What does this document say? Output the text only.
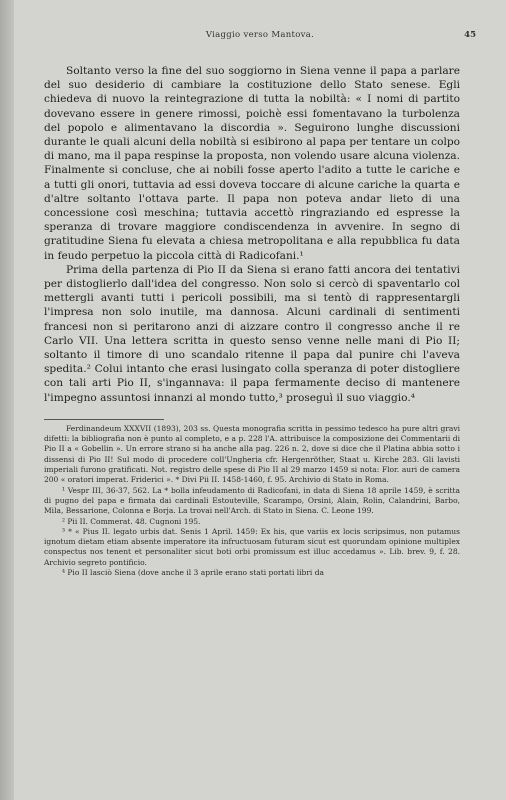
Viaggio verso Mantova.	45

Soltanto verso la fine del suo soggiorno in Siena venne il papa a parlare del suo desiderio di cambiare la costituzione dello Stato senese. Egli chiedeva di nuovo la reintegrazione di tutta la nobiltà: « I nomi di partito dovevano essere in genere rimossi, poichè essi fomentavano la turbolenza del popolo e alimentavano la discordia ». Seguirono lunghe discussioni durante le quali alcuni della nobiltà si esibirono al papa per tentare un colpo di mano, ma il papa respinse la proposta, non volendo usare alcuna violenza. Finalmente si concluse, che ai nobili fosse aperto l'adito a tutte le cariche e a tutti gli onori, tuttavia ad essi doveva toccare di alcune cariche la quarta e d'altre soltanto l'ottava parte. Il papa non poteva andar lieto di una concessione così meschina; tuttavia accettò ringraziando ed espresse la speranza di trovare maggiore condiscendenza in avvenire. In segno di gratitudine Siena fu elevata a chiesa metropolitana e alla repubblica fu data in feudo perpetuo la piccola città di Radicofani.¹

Prima della partenza di Pio II da Siena si erano fatti ancora dei tentativi per distoglierlo dall'idea del congresso. Non solo si cercò di spaventarlo col mettergli avanti tutti i pericoli possibili, ma si tentò di rappresentargli l'impresa non solo inutile, ma dannosa. Alcuni cardinali di sentimenti francesi non si peritarono anzi di aizzare contro il congresso anche il re Carlo VII. Una lettera scritta in questo senso venne nelle mani di Pio II; soltanto il timore di uno scandalo ritenne il papa dal punire chi l'aveva spedita.² Colui intanto che erasi lusingato colla speranza di poter distogliere con tali arti Pio II, s'ingannava: il papa fermamente deciso di mantenere l'impegno assuntosi innanzi al mondo tutto,³ proseguì il suo viaggio.⁴

Ferdinandeum XXXVII (1893), 203 ss. Questa monografia scritta in pessimo tedesco ha pure altri gravi difetti: la bibliografia non è punto al completo, e a p. 228 l'A. attribuisce la composizione dei Commentarii di Pio II a « Gobellin ». Un errore strano si ha anche alla pag. 226 n. 2, dove si dice che il Platina abbia sotto i dissensi di Pio II! Sul modo di procedere coll'Ungheria cfr. Hergenröther, Staat u. Kirche 283. Gli lavisti imperiali furono gratificati. Not. registro delle spese di Pio II al 29 marzo 1459 si nota: Flor. auri de camera 200 « oratori imperat. Friderici ». * Divi Pii II. 1458-1460, f. 95. Archivio di Stato in Roma.

¹ Vespr III, 36-37, 562. La * bolla infeudamento di Radicofani, in data di Siena 18 aprile 1459, è scritta di pugno del papa e firmata dai cardinali Estouteville, Scarampo, Orsini, Alain, Rolin, Calandrini, Barbo, Mila, Bessarione, Colonna e Borja. La trovai nell'Arch. di Stato in Siena. C. Leone 199.

² Pii II. Commerat. 48. Cugnoni 195.

³ * « Pius II. legato urbis dat. Senis 1 April. 1459: Ex his, que variis ex locis scripsimus, non putamus ignotum dietam etiam absente imperatore ita infructuosam futuram sicut est quorundam opinione multiplex conspectus nos tenent et personaliter sicut boti orbi promissum est illuc accedamus ». Lib. brev. 9, f. 28. Archivio segreto pontificio.

⁴ Pio II lasciò Siena (dove anche il 3 aprile erano stati portati libri da
